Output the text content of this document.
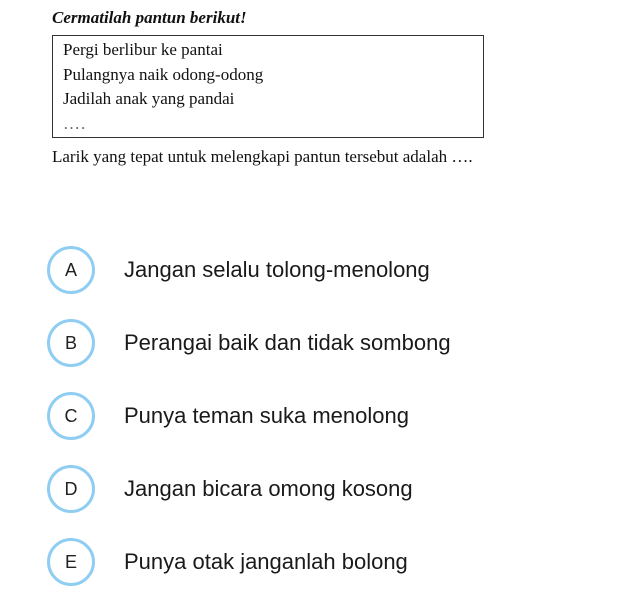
Cermatilah pantun berikut!
Pergi berlibur ke pantai
Pulangnya naik odong-odong
Jadilah anak yang pandai
….
Larik yang tepat untuk melengkapi pantun tersebut adalah ….
A	Jangan selalu tolong-menolong
B	Perangai baik dan tidak sombong
C	Punya teman suka menolong
D	Jangan bicara omong kosong
E	Punya otak janganlah bolong
